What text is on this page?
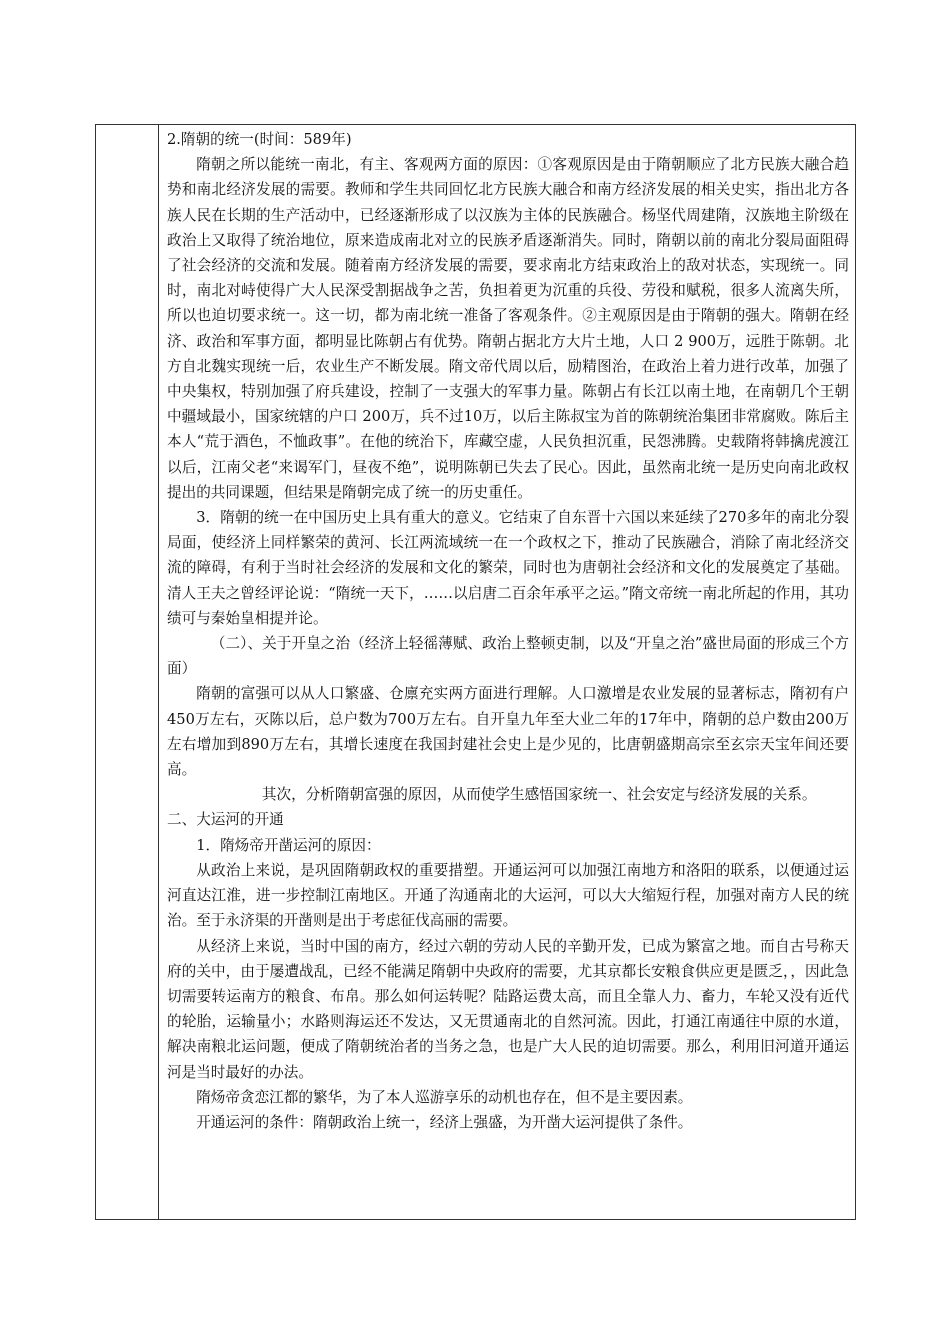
2.隋朝的统一(时间：589年)

隋朝之所以能统一南北，有主、客观两方面的原因：①客观原因是由于隋朝顺应了北方民族大融合趋势和南北经济发展的需要。教师和学生共同回忆北方民族大融合和南方经济发展的相关史实，指出北方各族人民在长期的生产活动中，已经逐渐形成了以汉族为主体的民族融合。杨坚代周建隋，汉族地主阶级在政治上又取得了统治地位，原来造成南北对立的民族矛盾逐渐消失。同时，隋朝以前的南北分裂局面阻碍了社会经济的交流和发展。随着南方经济发展的需要，要求南北方结束政治上的敌对状态，实现统一。同时，南北对峙使得广大人民深受割据战争之苦，负担着更为沉重的兵役、劳役和赋税，很多人流离失所，所以也迫切要求统一。这一切，都为南北统一准备了客观条件。②主观原因是由于隋朝的强大。隋朝在经济、政治和军事方面，都明显比陈朝占有优势。隋朝占据北方大片土地，人口 2 900万，远胜于陈朝。北方自北魏实现统一后，农业生产不断发展。隋文帝代周以后，励精图治，在政治上着力进行改革，加强了中央集权，特别加强了府兵建设，控制了一支强大的军事力量。陈朝占有长江以南土地，在南朝几个王朝中疆域最小，国家统辖的户口 200万，兵不过10万，以后主陈叔宝为首的陈朝统治集团非常腐败。陈后主本人“荒于酒色，不恤政事”。在他的统治下，库藏空虚，人民负担沉重，民怨沸腾。史载隋将韩擒虎渡江以后，江南父老“来谒军门，昼夜不绝”，说明陈朝已失去了民心。因此，虽然南北统一是历史向南北政权提出的共同课题，但结果是隋朝完成了统一的历史重任。

3．隋朝的统一在中国历史上具有重大的意义。它结束了自东晋十六国以来延续了270多年的南北分裂局面，使经济上同样繁荣的黄河、长江两流域统一在一个政权之下，推动了民族融合，消除了南北经济交流的障碍，有利于当时社会经济的发展和文化的繁荣，同时也为唐朝社会经济和文化的发展奠定了基础。清人王夫之曾经评论说：“隋统一天下，……以启唐二百余年承平之运。”隋文帝统一南北所起的作用，其功绩可与秦始皇相提并论。

（二）、关于开皇之治（经济上轻徭薄赋、政治上整顿吏制，以及“开皇之治”盛世局面的形成三个方面）

隋朝的富强可以从人口繁盛、仓廪充实两方面进行理解。人口激增是农业发展的显著标志，隋初有户 450万左右，灭陈以后，总户数为700万左右。自开皇九年至大业二年的17年中，隋朝的总户数由200万左右增加到890万左右，其增长速度在我国封建社会史上是少见的，比唐朝盛期高宗至玄宗天宝年间还要高。

其次，分析隋朝富强的原因，从而使学生感悟国家统一、社会安定与经济发展的关系。

二、大运河的开通

1．隋炀帝开凿运河的原因：

从政治上来说，是巩固隋朝政权的重要措塑。开通运河可以加强江南地方和洛阳的联系，以便通过运河直达江淮，进一步控制江南地区。开通了沟通南北的大运河，可以大大缩短行程，加强对南方人民的统治。至于永济渠的开凿则是出于考虑征伐高丽的需要。

从经济上来说，当时中国的南方，经过六朝的劳动人民的辛勤开发，已成为繁富之地。而自古号称天府的关中，由于屡遭战乱，已经不能满足隋朝中央政府的需要，尤其京都长安粮食供应更是匮乏，，因此急切需要转运南方的粮食、布帛。那么如何运转呢？陆路运费太高，而且全靠人力、畜力，车轮又没有近代的轮胎，运输量小；水路则海运还不发达，又无贯通南北的自然河流。因此，打通江南通往中原的水道，解决南粮北运问题，便成了隋朝统治者的当务之急，也是广大人民的迫切需要。那么，利用旧河道开通运河是当时最好的办法。

隋炀帝贪恋江都的繁华，为了本人巡游享乐的动机也存在，但不是主要因素。

开通运河的条件：隋朝政治上统一，经济上强盛，为开凿大运河提供了条件。
